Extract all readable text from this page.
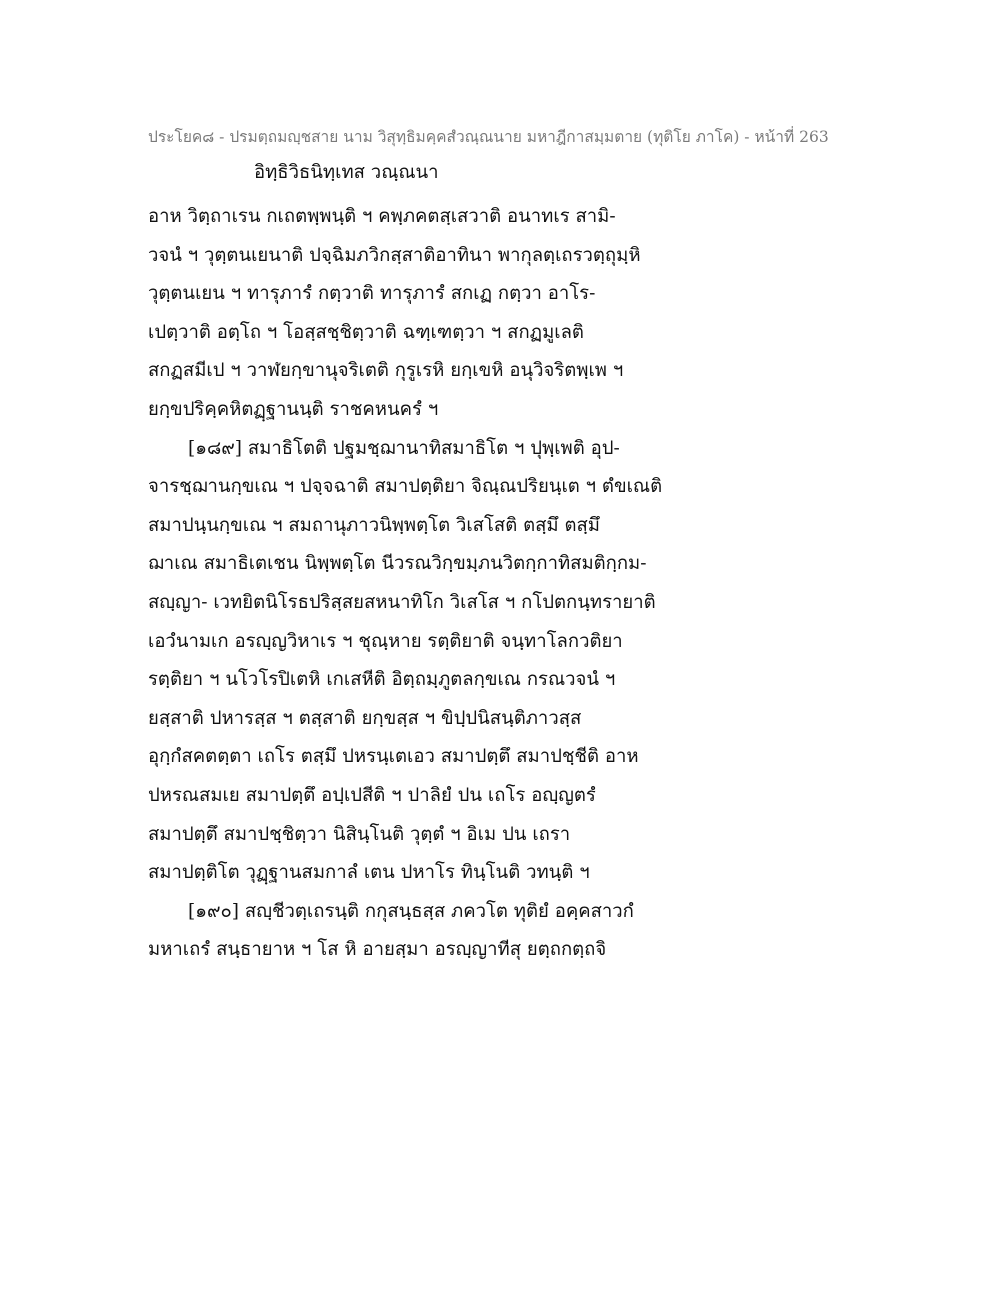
ประโยค๘ - ปรมตฺถมญฺชสาย นาม วิสุทฺธิมคฺคสํวณฺณนาย มหาฎีกาสมฺมตาย (ทุติโย ภาโค) - หน้าที่ 263
อิทฺธิวิธนิทฺเทส วณฺณนา
อาห วิตฺถาเรน กเถตพฺพนฺติ ฯ คพฺภคตสฺเสวาติ อนาทเร สามิ-
วจนํ ฯ วุตฺตนเยนาติ ปจฺฉิมภวิกสฺสาติอาทินา พากุลตฺเถรวตฺถุมฺหิ
วุตฺตนเยน ฯ ทารุภารํ กตฺวาติ ทารุภารํ สกเฏ กตฺวา อาโร-
เปตฺวาติ อตฺโถ ฯ โอสฺสชฺชิตฺวาติ ฉฑฺเฑตฺวา ฯ สกฏมูเลติ
สกฏสมีเป ฯ วาฬยกฺขานุจริเตติ กุรูเรหิ ยกฺเขหิ อนุวิจริตพฺเพ ฯ
ยกฺขปริคฺคหิตฏฺฐานนฺติ ราชคหนครํ ฯ
[๑๘๙] สมาธิโตติ ปฐมชฺฌานาทิสมาธิโต ฯ ปุพฺเพติ อุป-
จารชฺฌานกฺขเณ ฯ ปจฺจฉาติ สมาปตฺติยา จิณฺณปริยนฺเต ฯ ตํขเณติ
สมาปนฺนกฺขเณ ฯ สมถานุภาวนิพฺพตฺโต วิเสโสติ ตสฺมึ ตสฺมึ
ฌาเณ สมาธิเตเชน นิพฺพตฺโต นีวรณวิกฺขมฺภนวิตกฺกาทิสมติกฺกม-
สญฺญา- เวทยิตนิโรธปริสฺสยสหนาทิโก วิเสโส ฯ กโปตกนฺทรายาติ
เอวํนามเก อรญฺญวิหาเร ฯ ชุณฺหาย รตฺติยาติ จนฺทาโลกวติยา
รตฺติยา ฯ นโวโรปิเตหิ เกเสหีติ อิตฺถมฺภูตลกฺขเณ กรณวจนํ ฯ
ยสฺสาติ ปหารสฺส ฯ ตสฺสาติ ยกฺขสฺส ฯ ขิปฺปนิสนฺติภาวสฺส
อุกฺกํสคตตฺตา เถโร ตสฺมึ ปหรนฺเตเอว สมาปตฺตึ สมาปชฺชีติ อาห
ปหรณสมเย สมาปตฺตึ อปฺเปสีติ ฯ ปาลิยํ ปน เถโร อญฺญตรํ
สมาปตฺตึ สมาปชฺชิตฺวา นิสินฺโนติ วุตฺตํ ฯ อิเม ปน เถรา
สมาปตฺติโต วุฏฺฐานสมกาลํ เตน ปหาโร ทินฺโนติ วทนฺติ ฯ
[๑๙๐] สญฺชีวตฺเถรนฺติ กกุสนฺธสฺส ภควโต ทุติยํ อคฺคสาวกํ
มหาเถรํ สนฺธายาห ฯ โส หิ อายสฺมา อรญฺญาทีสุ ยตฺถกตฺถจิ
